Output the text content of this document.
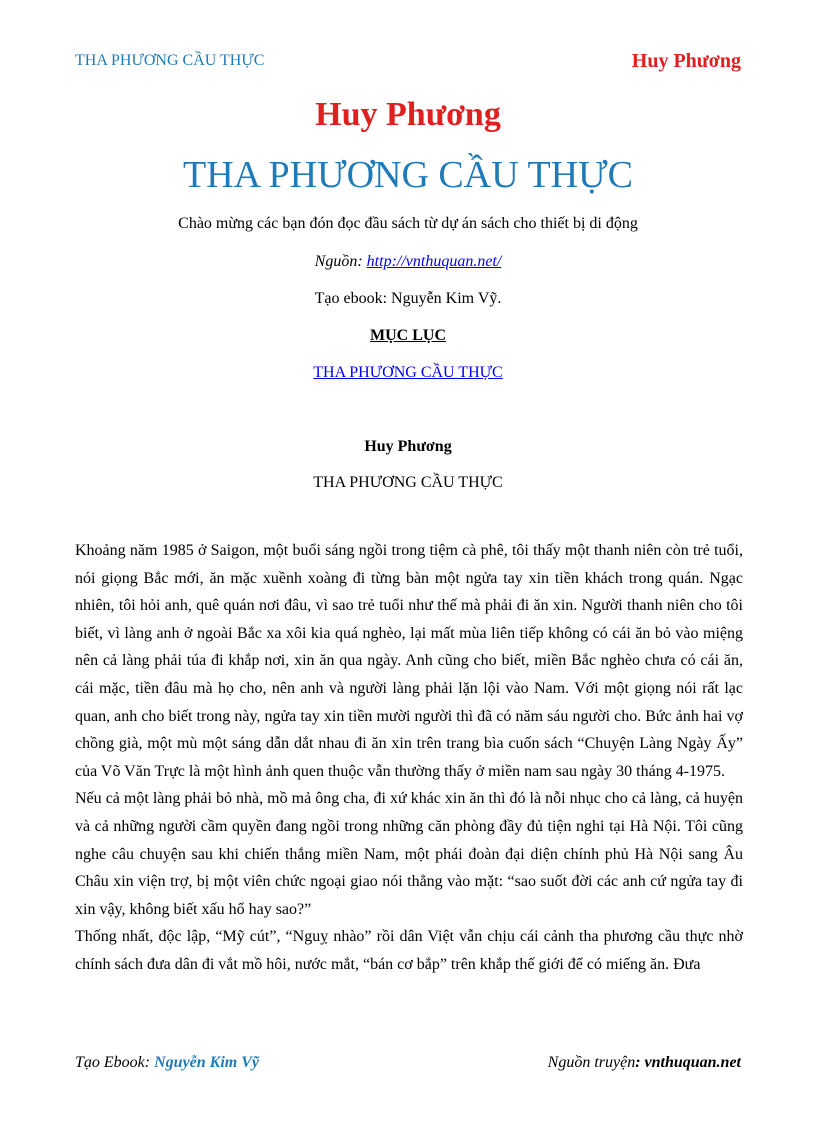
THA PHƯƠNG CẦU THỰC	Huy Phương
Huy Phương
THA PHƯƠNG CẦU THỰC
Chào mừng các bạn đón đọc đầu sách từ dự án sách cho thiết bị di động
Nguồn: http://vnthuquan.net/
Tạo ebook: Nguyễn Kim Vỹ.
MỤC LỤC
THA PHƯƠNG CẦU THỰC
Huy Phương
THA PHƯƠNG CẦU THỰC

Khoảng năm 1985 ở Saigon, một buổi sáng ngồi trong tiệm cà phê, tôi thấy một thanh niên còn trẻ tuổi, nói giọng Bắc mới, ăn mặc xuềnh xoàng đi từng bàn một ngửa tay xin tiền khách trong quán. Ngạc nhiên, tôi hỏi anh, quê quán nơi đâu, vì sao trẻ tuổi như thế mà phải đi ăn xin. Người thanh niên cho tôi biết, vì làng anh ở ngoài Bắc xa xôi kia quá nghèo, lại mất mùa liên tiếp không có cái ăn bỏ vào miệng nên cả làng phải túa đi khắp nơi, xin ăn qua ngày. Anh cũng cho biết, miền Bắc nghèo chưa có cái ăn, cái mặc, tiền đâu mà họ cho, nên anh và người làng phải lặn lội vào Nam. Với một giọng nói rất lạc quan, anh cho biết trong này, ngửa tay xin tiền mười người thì đã có năm sáu người cho. Bức ảnh hai vợ chồng già, một mù một sáng dẫn dắt nhau đi ăn xin trên trang bìa cuốn sách “Chuyện Làng Ngày Ấy” của Võ Văn Trực là một hình ảnh quen thuộc vẫn thường thấy ở miền nam sau ngày 30 tháng 4-1975.

Nếu cả một làng phải bỏ nhà, mồ mả ông cha, đi xứ khác xin ăn thì đó là nỗi nhục cho cả làng, cả huyện và cả những người cầm quyền đang ngồi trong những căn phòng đầy đủ tiện nghi tại Hà Nội. Tôi cũng nghe câu chuyện sau khi chiến thắng miền Nam, một phái đoàn đại diện chính phủ Hà Nội sang Âu Châu xin viện trợ, bị một viên chức ngoại giao nói thẳng vào mặt: “sao suốt đời các anh cứ ngửa tay đi xin vậy, không biết xấu hổ hay sao?”

Thống nhất, độc lập, “Mỹ cút”, “Nguỵ nhào” rồi dân Việt vẫn chịu cái cảnh tha phương cầu thực nhờ chính sách đưa dân đi vắt mồ hôi, nước mắt, “bán cơ bắp” trên khắp thế giới để có miếng ăn. Đưa

Tạo Ebook: Nguyễn Kim Vỹ	Nguồn truyện: vnthuquan.net
